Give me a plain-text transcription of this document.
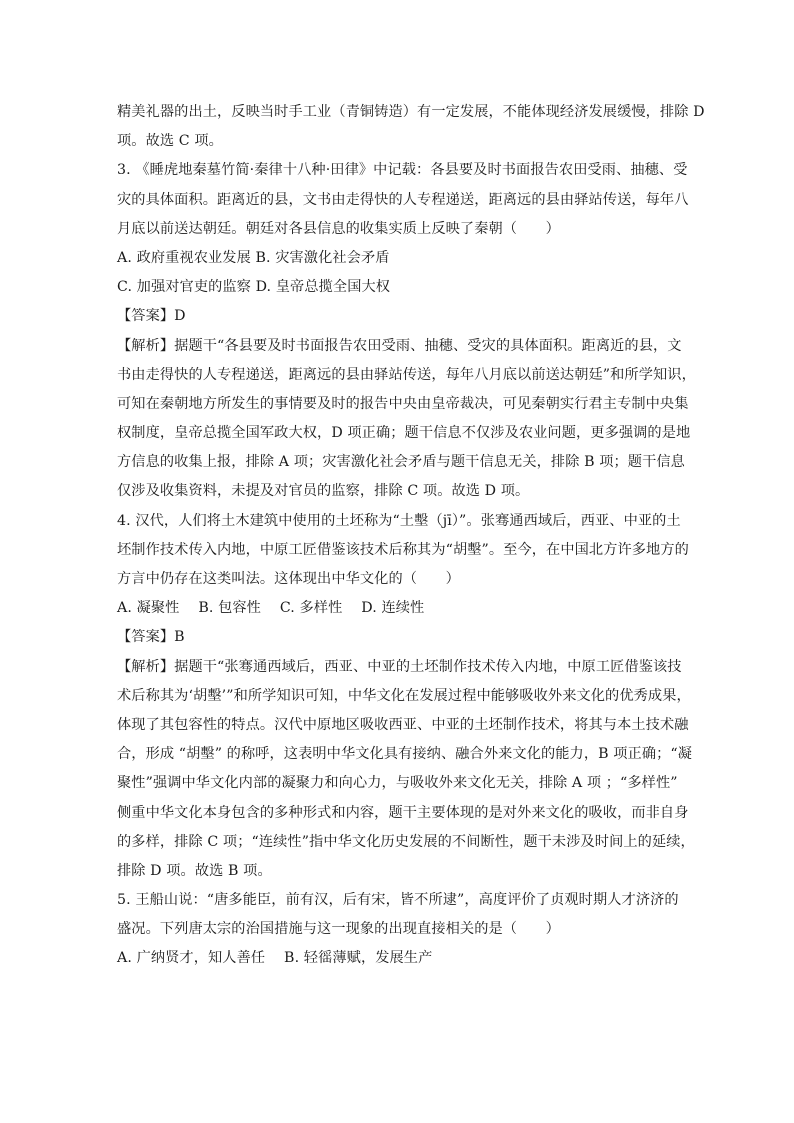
精美礼器的出土，反映当时手工业（青铜铸造）有一定发展，不能体现经济发展缓慢，排除 D
项。故选 C 项。
3. 《睡虎地秦墓竹简·秦律十八种·田律》中记载：各县要及时书面报告农田受雨、抽穗、受
灾的具体面积。距离近的县，文书由走得快的人专程递送，距离远的县由驿站传送，每年八
月底以前送达朝廷。朝廷对各县信息的收集实质上反映了秦朝（　　）
A. 政府重视农业发展 B. 灾害激化社会矛盾
C. 加强对官吏的监察 D. 皇帝总揽全国大权
【答案】D
【解析】据题干“各县要及时书面报告农田受雨、抽穗、受灾的具体面积。距离近的县，文
书由走得快的人专程递送，距离远的县由驿站传送，每年八月底以前送达朝廷”和所学知识，
可知在秦朝地方所发生的事情要及时的报告中央由皇帝裁决，可见秦朝实行君主专制中央集
权制度，皇帝总揽全国军政大权，D 项正确；题干信息不仅涉及农业问题，更多强调的是地
方信息的收集上报，排除 A 项；灾害激化社会矛盾与题干信息无关，排除 B 项；题干信息
仅涉及收集资料，未提及对官员的监察，排除 C 项。故选 D 项。
4. 汉代，人们将土木建筑中使用的土坯称为“土墼（jī）”。张骞通西域后，西亚、中亚的土
坯制作技术传入内地，中原工匠借鉴该技术后称其为“胡墼”。至今，在中国北方许多地方的
方言中仍存在这类叫法。这体现出中华文化的（　　）
A. 凝聚性　 B. 包容性　 C. 多样性　 D. 连续性
【答案】B
【解析】据题干“张骞通西域后，西亚、中亚的土坯制作技术传入内地，中原工匠借鉴该技
术后称其为‘胡墼’”和所学知识可知，中华文化在发展过程中能够吸收外来文化的优秀成果，
体现了其包容性的特点。汉代中原地区吸收西亚、中亚的土坯制作技术，将其与本土技术融
合，形成 “胡墼” 的称呼，这表明中华文化具有接纳、融合外来文化的能力，B 项正确；“凝
聚性”强调中华文化内部的凝聚力和向心力，与吸收外来文化无关，排除 A 项 ；“多样性”
侧重中华文化本身包含的多种形式和内容，题干主要体现的是对外来文化的吸收，而非自身
的多样，排除 C 项；“连续性”指中华文化历史发展的不间断性，题干未涉及时间上的延续，
排除 D 项。故选 B 项。
5. 王船山说：“唐多能臣，前有汉，后有宋，皆不所逮”，高度评价了贞观时期人才济济的
盛况。下列唐太宗的治国措施与这一现象的出现直接相关的是（　　）
A. 广纳贤才，知人善任　 B. 轻徭薄赋，发展生产
